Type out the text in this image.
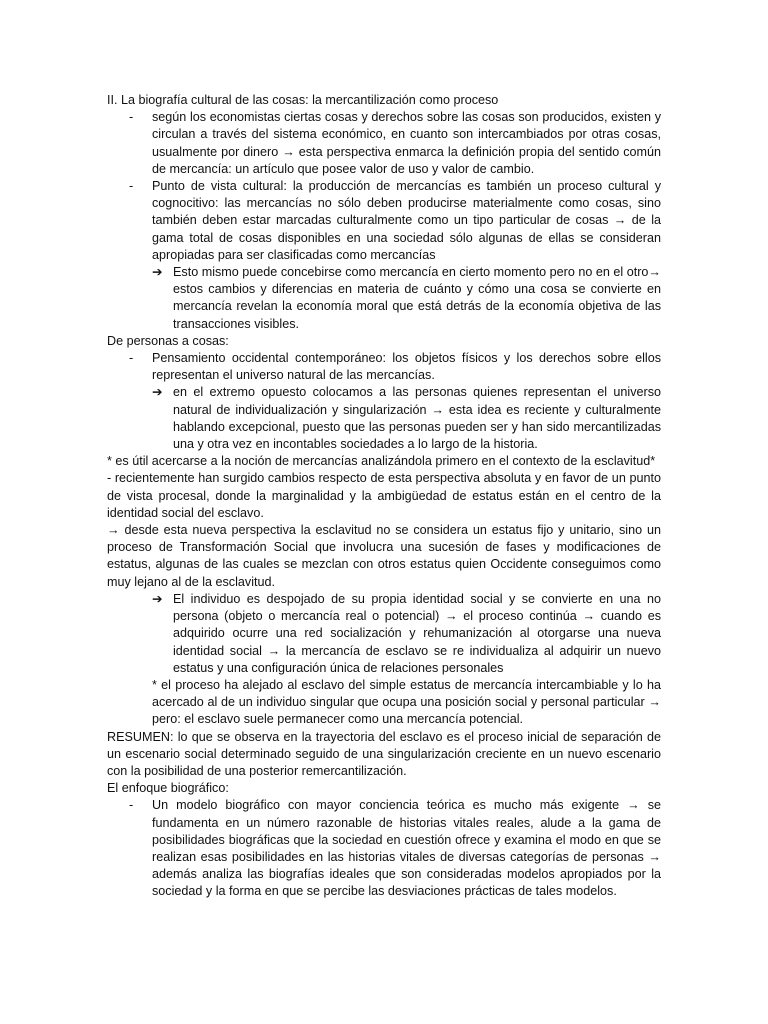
II. La biografía cultural de las cosas: la mercantilización como proceso

- según los economistas ciertas cosas y derechos sobre las cosas son producidos, existen y circulan a través del sistema económico, en cuanto son intercambiados por otras cosas, usualmente por dinero → esta perspectiva enmarca la definición propia del sentido común de mercancía: un artículo que posee valor de uso y valor de cambio.

- Punto de vista cultural: la producción de mercancías es también un proceso cultural y cognocitivo: las mercancías no sólo deben producirse materialmente como cosas, sino también deben estar marcadas culturalmente como un tipo particular de cosas → de la gama total de cosas disponibles en una sociedad sólo algunas de ellas se consideran apropiadas para ser clasificadas como mercancías

➔ Esto mismo puede concebirse como mercancía en cierto momento pero no en el otro→ estos cambios y diferencias en materia de cuánto y cómo una cosa se convierte en mercancía revelan la economía moral que está detrás de la economía objetiva de las transacciones visibles.

De personas a cosas:

- Pensamiento occidental contemporáneo: los objetos físicos y los derechos sobre ellos representan el universo natural de las mercancías.

➔ en el extremo opuesto colocamos a las personas quienes representan el universo natural de individualización y singularización → esta idea es reciente y culturalmente hablando excepcional, puesto que las personas pueden ser y han sido mercantilizadas una y otra vez en incontables sociedades a lo largo de la historia.

* es útil acercarse a la noción de mercancías analizándola primero en el contexto de la esclavitud*

- recientemente han surgido cambios respecto de esta perspectiva absoluta y en favor de un punto de vista procesal, donde la marginalidad y la ambigüedad de estatus están en el centro de la identidad social del esclavo.

→ desde esta nueva perspectiva la esclavitud no se considera un estatus fijo y unitario, sino un proceso de Transformación Social que involucra una sucesión de fases y modificaciones de estatus, algunas de las cuales se mezclan con otros estatus quien Occidente conseguimos como muy lejano al de la esclavitud.

➔ El individuo es despojado de su propia identidad social y se convierte en una no persona (objeto o mercancía real o potencial) → el proceso continúa → cuando es adquirido ocurre una red socialización y rehumanización al otorgarse una nueva identidad social → la mercancía de esclavo se re individualiza al adquirir un nuevo estatus y una configuración única de relaciones personales

* el proceso ha alejado al esclavo del simple estatus de mercancía intercambiable y lo ha acercado al de un individuo singular que ocupa una posición social y personal particular → pero: el esclavo suele permanecer como una mercancía potencial.

RESUMEN: lo que se observa en la trayectoria del esclavo es el proceso inicial de separación de un escenario social determinado seguido de una singularización creciente en un nuevo escenario con la posibilidad de una posterior remercantilización.

El enfoque biográfico:

- Un modelo biográfico con mayor conciencia teórica es mucho más exigente → se fundamenta en un número razonable de historias vitales reales, alude a la gama de posibilidades biográficas que la sociedad en cuestión ofrece y examina el modo en que se realizan esas posibilidades en las historias vitales de diversas categorías de personas → además analiza las biografías ideales que son consideradas modelos apropiados por la sociedad y la forma en que se percibe las desviaciones prácticas de tales modelos.
